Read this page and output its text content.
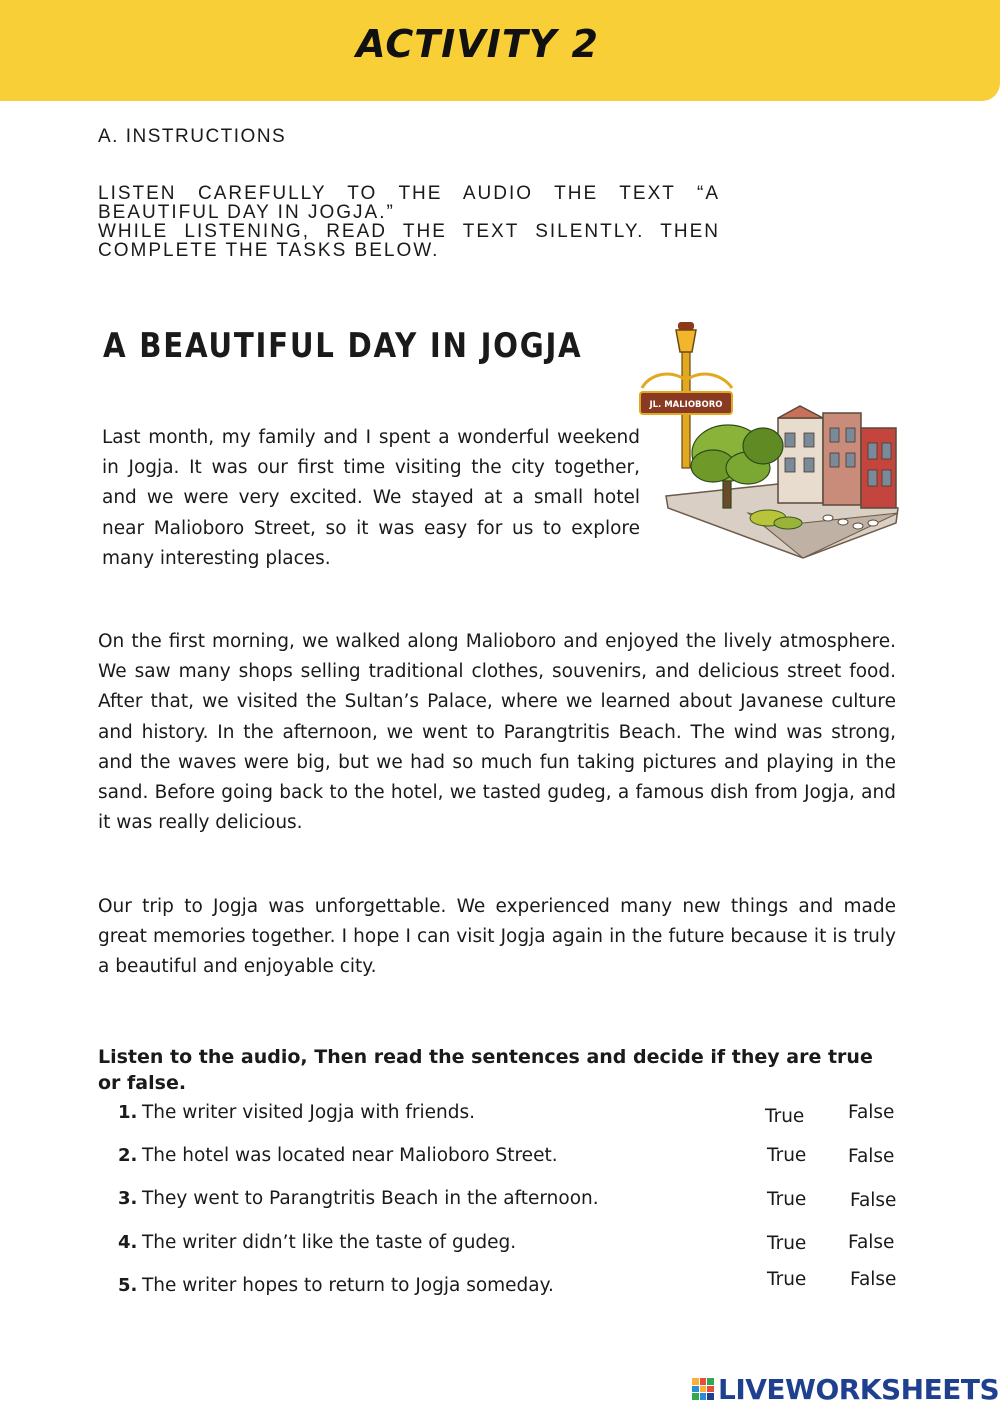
ACTIVITY 2
A. INSTRUCTIONS
LISTEN CAREFULLY TO THE AUDIO THE TEXT “A
BEAUTIFUL DAY IN JOGJA.”
WHILE LISTENING, READ THE TEXT SILENTLY. THEN
COMPLETE THE TASKS BELOW.
A BEAUTIFUL DAY IN JOGJA

Last month, my family and I spent a wonderful weekend in Jogja. It was our first time visiting the city together, and we were very excited. We stayed at a small hotel near Malioboro Street, so it was easy for us to explore many interesting places.

JL. MALIOBORO

On the first morning, we walked along Malioboro and enjoyed the lively atmosphere. We saw many shops selling traditional clothes, souvenirs, and delicious street food. After that, we visited the Sultan’s Palace, where we learned about Javanese culture and history. In the afternoon, we went to Parangtritis Beach. The wind was strong, and the waves were big, but we had so much fun taking pictures and playing in the sand. Before going back to the hotel, we tasted gudeg, a famous dish from Jogja, and it was really delicious.

Our trip to Jogja was unforgettable. We experienced many new things and made great memories together. I hope I can visit Jogja again in the future because it is truly a beautiful and enjoyable city.

Listen to the audio, Then read the sentences and decide if they are true or false.

1. The writer visited Jogja with friends.	True False
2. The hotel was located near Malioboro Street.	True False
3. They went to Parangtritis Beach in the afternoon.	True False
4. The writer didn’t like the taste of gudeg.	True False
5. The writer hopes to return to Jogja someday.	True False
LIVEWORKSHEETS
